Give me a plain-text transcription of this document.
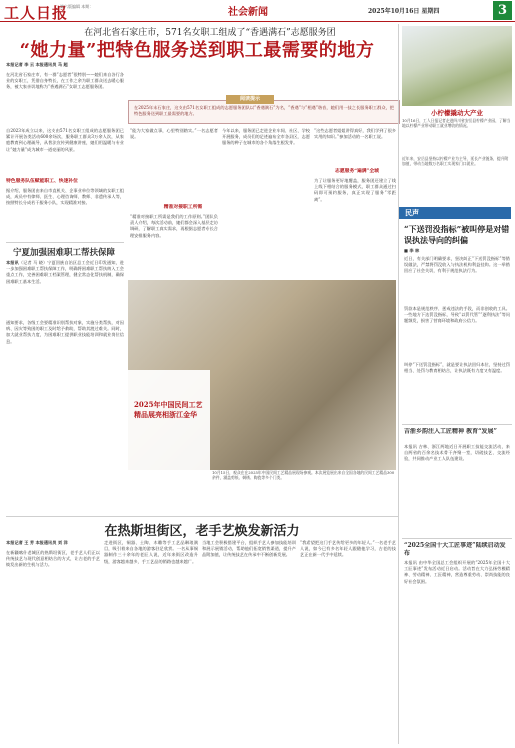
工人日报
第六版编辑 本期：
社会新闻	2025年10月16日 星期四	3
在河北省石家庄市，571名女职工组成了“香遇满石”志愿服务团
“她力量”把特色服务送到职工最需要的地方
本报记者 李 云 本报通讯员 马 超
在河北省石家庄市，有一群“志愿者”很特别——她们来自各行各业的女职工，凭借自身特长，在工作之余为职工群众送去暖心服务，被大家亲切地称为“香遇满石”女职工志愿服务团。
自2023年成立以来，这支由571名女职工组成的志愿服务团已累计开展各类活动600余场次，服务职工群众3万余人次，从家庭教育到心理疏导，从普法宣传到健康讲座，她们用温暖与专业让“她力量”成为城市一道亮丽的风景。
特色服务队伍赋能职工、快速补位
据介绍，服务团由来自市直机关、企事业单位等领域的女职工组成，成员中有律师、医生、心理咨询师、教师、非遗传承人等，按照特长分成若干服务小队，实现精准对接。
阅读提示
在2025年末石家庄，这支由571名女职工组成的志愿服务团队以“香遇满石”为名，“香遇”与“相遇”谐音，她们用一技之长服务职工群众，把特色服务送到职工最需要的地方。
“能为大家做点事，心里特别踏实。”一名志愿者说。
精准对接职工所需
“精准对接职工所需是我们的工作原则。”团队负责人介绍，每次活动前，她们都会深入基层走访调研，了解职工真实需求，再根据志愿者专长合理安排服务内容。
今年以来，服务团已走进企业车间、社区、学校开展服务，成员们的足迹遍布全市各县区，志愿服务的种子在城市的各个角落生根发芽。
“这些志愿者姐姐讲得真好，我们学到了很多实用的知识。”参加活动的一名职工说。
志愿服务“遍满”全城
为了让服务更好地覆盖，服务团还建立了线上线下相结合的服务模式，职工群众通过扫码即可预约服务，真正实现了服务“零距离”。
宁夏加强困难职工帮扶保障
本报讯（记者 马 晓）宁夏回族自治区总工会近日印发通知，进一步加强困难职工帮扶保障工作，明确将困难职工帮扶纳入工会重点工作，完善困难职工档案管理，健全常态化帮扶机制，确保困难职工基本生活。
通知要求，各级工会要精准识别帮扶对象，实施分类帮扶，对因病、因灾等致困的职工及时给予救助，帮助其渡过难关。同时，加大就业帮扶力度，为困难职工提供职业技能培训和就业岗位信息。
2025年中国民间工艺精品展亮相浙江金华
10月15日，观众在在2025年中国民间工艺精品展现场参观。本次展览展出来自全国各地的民间工艺精品300余件，涵盖剪纸、刺绣、陶瓷等多个门类。
在热斯坦街区，老手艺焕发新活力
本报记者 王 芳 本报通讯员 刘 洋
在新疆喀什老城区的热斯坦街区，老手艺人们正以传统技艺与现代创意相结合的方式，让古老的手艺焕发出新的生机与活力。
走进街区，铜器、土陶、木雕等手工艺品琳琅满目，吸引着来自各地的游客驻足欣赏。一名从事铜器制作三十余年的老匠人说，近年来街区改造升级，游客越来越多，手工艺品的销路也越来越广。
当地工会积极搭建平台，组织手艺人参加技能培训和展示展销活动，帮助他们拓宽销售渠道，提升产品附加值，让传统技艺在传承中不断创新发展。
“我希望把这门手艺传给更多的年轻人。”一名老手艺人说，如今已有多名年轻人跟随他学习，古老的技艺正在新一代手中延续。
小柠檬撬动大产业
10月16日，工人日报记者走进四川省安岳县柠檬产业园，了解当地以柠檬产业带动职工就业增收的情况。
近年来，安岳县坚持以柠檬产业为主导，延长产业链条，提升附加值，带动当地数万名职工实现家门口就业。
民声
“下送罚没指标”被叫停是对错误执法导向的纠偏
■ 李 林
近日，有关部门明确要求，坚决纠正“下送罚没指标”等错误做法，严禁将罚没收入与执法机构利益挂钩。这一举措回应了社会关切，有利于规范执法行为。
罚款本是规范秩序、惩戒违法的手段，而非创收的工具。一些地方下达罚没指标，导致“以罚代管”“逐利执法”等问题频发，损害了营商环境和政府公信力。
叫停“下送罚没指标”，就是要让执法回归本位，坚持过罚相当、处罚与教育相结合，让执法既有力度又有温度。
吉浙乡韵注入工匠精神 教育“发展”
本报讯 吉林、浙江两地近日开展职工技能交流活动，来自两省的百余名技术骨干齐聚一堂，切磋技艺、交流经验，共同推动产业工人队伍建设。
“2025全国十大工匠事迹”陆续启动发布
本报讯 由中华全国总工会组织开展的“2025年全国十大工匠事迹”发布活动近日启动。活动旨在大力弘扬劳模精神、劳动精神、工匠精神，营造尊重劳动、崇尚技能的良好社会氛围。
